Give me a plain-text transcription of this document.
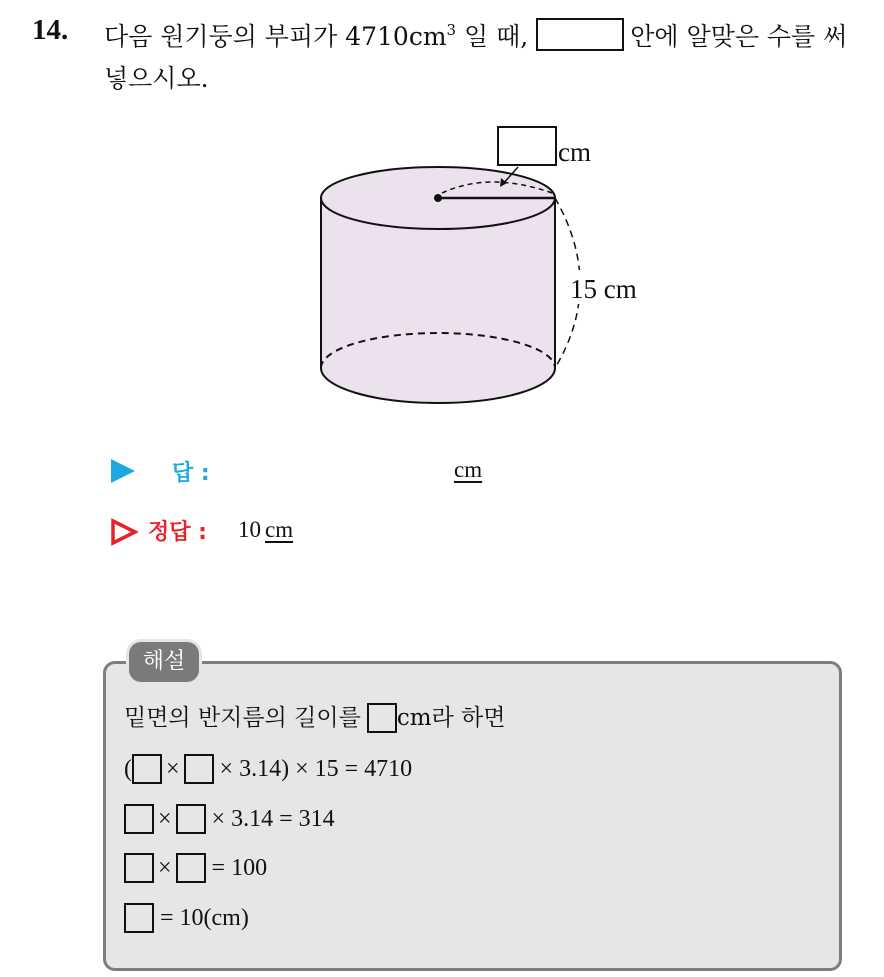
14. 다음 원기둥의 부피가 $4710cm^3$ 일 때,	안에 알맞은 수를 써 넣으시오.
cm
15 cm
답 :	cm
정답 : 10 cm
해설
밑면의 반지름의 길이를 cm라 하면
( × × 3.14) × 15 = 4710
× × 3.14 = 314
× = 100
= 10(cm)
